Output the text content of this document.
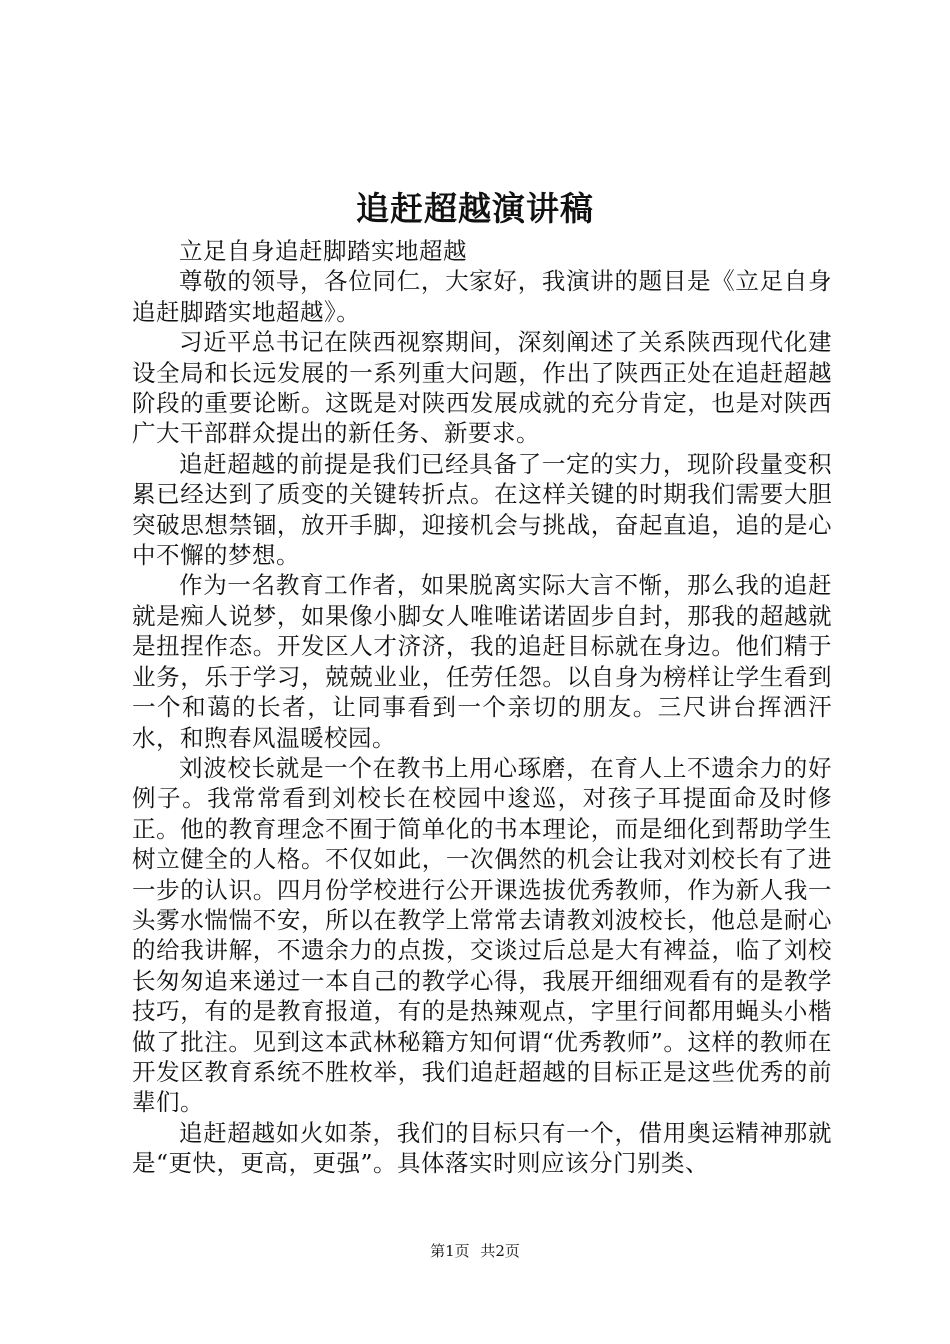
追赶超越演讲稿

立足自身追赶脚踏实地超越

尊敬的领导，各位同仁，大家好，我演讲的题目是《立足自身追赶脚踏实地超越》。

习近平总书记在陕西视察期间，深刻阐述了关系陕西现代化建设全局和长远发展的一系列重大问题，作出了陕西正处在追赶超越阶段的重要论断。这既是对陕西发展成就的充分肯定，也是对陕西广大干部群众提出的新任务、新要求。

追赶超越的前提是我们已经具备了一定的实力，现阶段量变积累已经达到了质变的关键转折点。在这样关键的时期我们需要大胆突破思想禁锢，放开手脚，迎接机会与挑战，奋起直追，追的是心中不懈的梦想。

作为一名教育工作者，如果脱离实际大言不惭，那么我的追赶就是痴人说梦，如果像小脚女人唯唯诺诺固步自封，那我的超越就是扭捏作态。开发区人才济济，我的追赶目标就在身边。他们精于业务，乐于学习，兢兢业业，任劳任怨。以自身为榜样让学生看到一个和蔼的长者，让同事看到一个亲切的朋友。三尺讲台挥洒汗水，和煦春风温暖校园。

刘波校长就是一个在教书上用心琢磨，在育人上不遗余力的好例子。我常常看到刘校长在校园中逡巡，对孩子耳提面命及时修正。他的教育理念不囿于简单化的书本理论，而是细化到帮助学生树立健全的人格。不仅如此，一次偶然的机会让我对刘校长有了进一步的认识。四月份学校进行公开课选拔优秀教师，作为新人我一头雾水惴惴不安，所以在教学上常常去请教刘波校长，他总是耐心的给我讲解，不遗余力的点拨，交谈过后总是大有裨益，临了刘校长匆匆追来递过一本自己的教学心得，我展开细细观看有的是教学技巧，有的是教育报道，有的是热辣观点，字里行间都用蝇头小楷做了批注。见到这本武林秘籍方知何谓“优秀教师”。这样的教师在开发区教育系统不胜枚举，我们追赶超越的目标正是这些优秀的前辈们。

追赶超越如火如荼，我们的目标只有一个，借用奥运精神那就是“更快，更高，更强”。具体落实时则应该分门别类、

第1页 共2页
